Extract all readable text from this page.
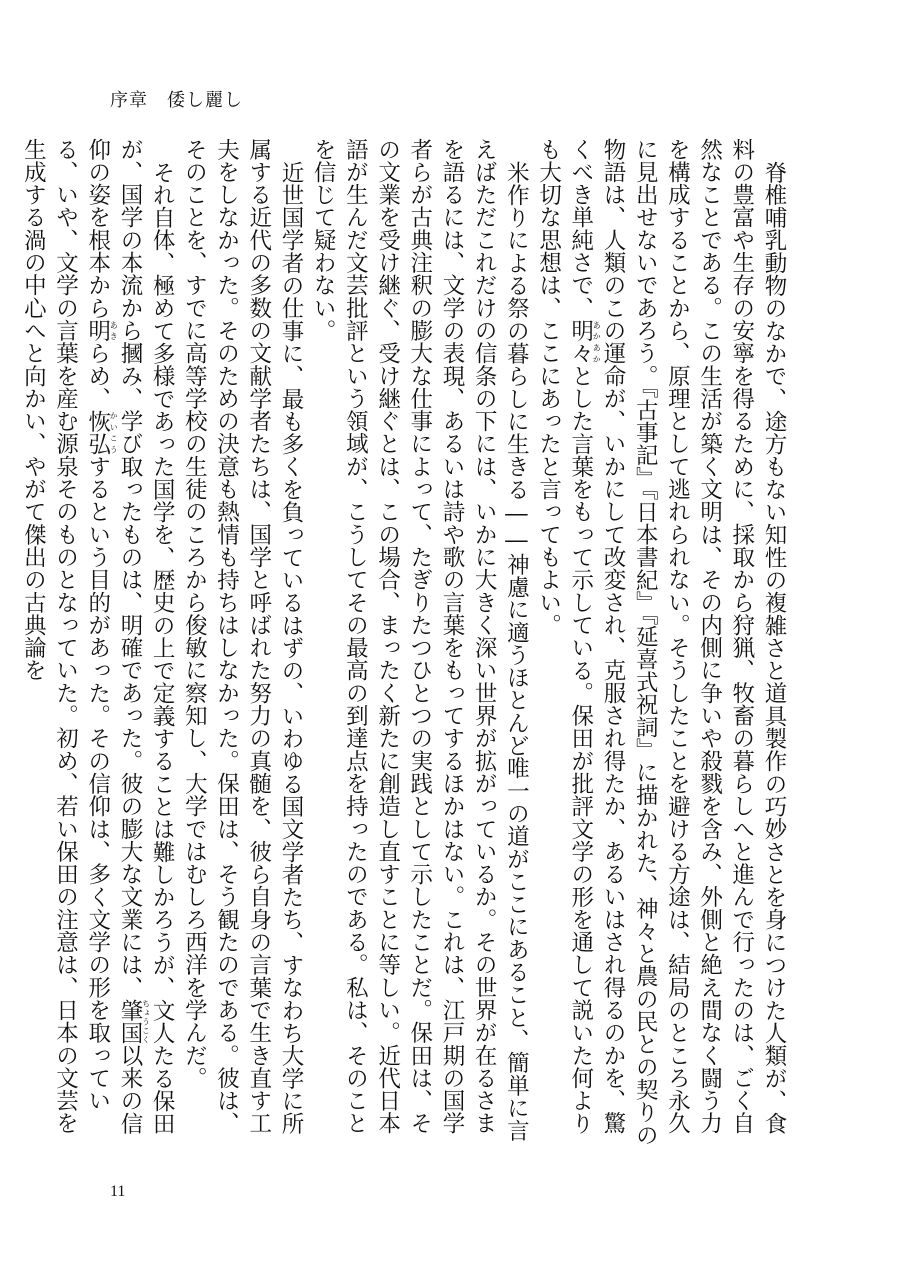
序章　倭し麗し

脊椎哺乳動物のなかで、途方もない知性の複雑さと道具製作の巧妙さとを身につけた人類が、食料の豊富や生存の安寧を得るために、採取から狩猟、牧畜の暮らしへと進んで行ったのは、ごく自然なことである。この生活が築く文明は、その内側に争いや殺戮を含み、外側と絶え間なく闘う力を構成することから、原理として逃れられない。そうしたことを避ける方途は、結局のところ永久に見出せないであろう。『古事記』『日本書紀』『延喜式祝詞』に描かれた、神々と農の民との契りの物語は、人類のこの運命が、いかにして改変され、克服され得たか、あるいはされ得るのかを、驚くべき単純さで、明々あかあかとした言葉をもって示している。保田が批評文学の形を通して説いた何よりも大切な思想は、ここにあったと言ってもよい。

米作りによる祭の暮らしに生きる――神慮に適うほとんど唯一の道がここにあること、簡単に言えばただこれだけの信条の下には、いかに大きく深い世界が拡がっているか。その世界が在るさまを語るには、文学の表現、あるいは詩や歌の言葉をもってするほかはない。これは、江戸期の国学者らが古典注釈の膨大な仕事によって、たぎりたつひとつの実践として示したことだ。保田は、その文業を受け継ぐ、受け継ぐとは、この場合、まったく新たに創造し直すことに等しい。近代日本語が生んだ文芸批評という領域が、こうしてその最高の到達点を持ったのである。私は、そのことを信じて疑わない。

近世国学者の仕事に、最も多くを負っているはずの、いわゆる国文学者たち、すなわち大学に所属する近代の多数の文献学者たちは、国学と呼ばれた努力の真髄を、彼ら自身の言葉で生き直す工夫をしなかった。そのための決意も熱情も持ちはしなかった。保田は、そう観たのである。彼は、そのことを、すでに高等学校の生徒のころから俊敏に察知し、大学ではむしろ西洋を学んだ。

それ自体、極めて多様であった国学を、歴史の上で定義することは難しかろうが、文人たる保田が、国学の本流から摑み、学び取ったものは、明確であった。彼の膨大な文業には、肇国ちょうこく以来の信仰の姿を根本から明あきらめ、恢弘かいこうするという目的があった。その信仰は、多く文学の形を取っている、いや、文学の言葉を産む源泉そのものとなっていた。初め、若い保田の注意は、日本の文芸を生成する渦の中心へと向かい、やがて傑出の古典論を

11
